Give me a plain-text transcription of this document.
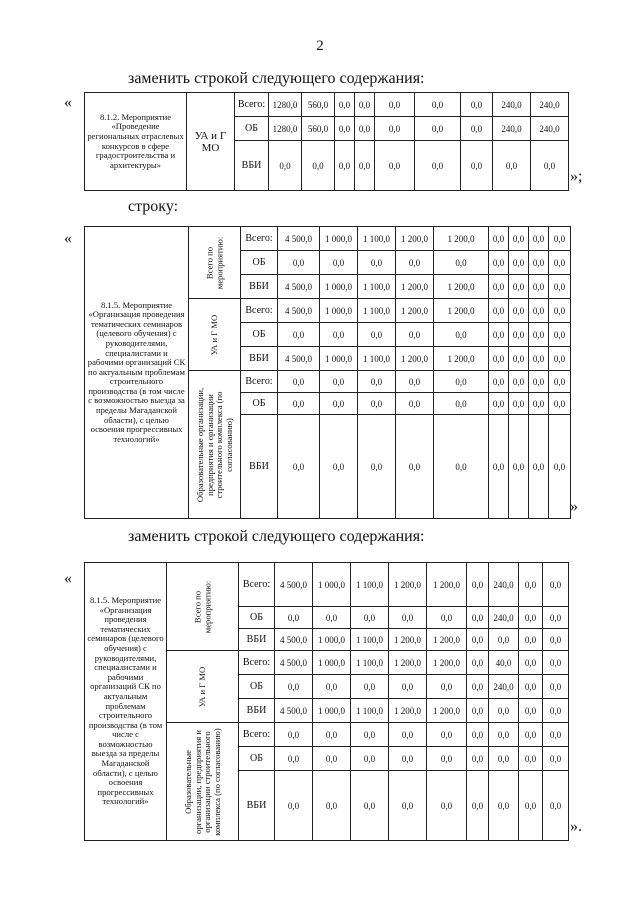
2
заменить строкой следующего содержания:
«
8.1.2. Мероприятие «Проведение региональных отраслевых конкурсов в сфере градостроительства и архитектуры»	УА и Г МО	Всего:	1280,0	560,0	0,0	0,0	0,0	0,0	0,0	240,0	240,0
		ОБ	1280,0	560,0	0,0	0,0	0,0	0,0	0,0	240,0	240,0
		ВБИ	0,0	0,0	0,0	0,0	0,0	0,0	0,0	0,0	0,0
»;
строку:
«
8.1.5. Мероприятие «Организация проведения тематических семинаров (целевого обучения) с руководителями, специалистами и рабочими организаций СК по актуальным проблемам строительного производства (в том числе с возможностью выезда за пределы Магаданской области), с целью освоения прогрессивных технологий»	Всего по мероприятию:	Всего:	4 500,0	1 000,0	1 100,0	1 200,0	1 200,0	0,0	0,0	0,0	0,0
		ОБ	0,0	0,0	0,0	0,0	0,0	0,0	0,0	0,0	0,0
		ВБИ	4 500,0	1 000,0	1 100,0	1 200,0	1 200,0	0,0	0,0	0,0	0,0

	УА и Г МО	Всего:	4 500,0	1 000,0	1 100,0	1 200,0	1 200,0	0,0	0,0	0,0	0,0
		ОБ	0,0	0,0	0,0	0,0	0,0	0,0	0,0	0,0	0,0
		ВБИ	4 500,0	1 000,0	1 100,0	1 200,0	1 200,0	0,0	0,0	0,0	0,0

	Образовательные организации, предприятия и организации строительного комплекса (по согласованию)	Всего:	0,0	0,0	0,0	0,0	0,0	0,0	0,0	0,0	0,0
		ОБ	0,0	0,0	0,0	0,0	0,0	0,0	0,0	0,0	0,0
		ВБИ	0,0	0,0	0,0	0,0	0,0	0,0	0,0	0,0	0,0
»
заменить строкой следующего содержания:
«
8.1.5. Мероприятие «Организация проведения тематических семинаров (целевого обучения) с руководителями, специалистами и рабочими организаций СК по актуальным проблемам строительного производства (в том числе с возможностью выезда за пределы Магаданской области), с целью освоения прогрессивных технологий»	Всего по мероприятию:	Всего:	4 500,0	1 000,0	1 100,0	1 200,0	1 200,0	0,0	240,0	0,0	0,0
		ОБ	0,0	0,0	0,0	0,0	0,0	0,0	240,0	0,0	0,0
		ВБИ	4 500,0	1 000,0	1 100,0	1 200,0	1 200,0	0,0	0,0	0,0	0,0

	УА и Г МО	Всего:	4 500,0	1 000,0	1 100,0	1 200,0	1 200,0	0,0	40,0	0,0	0,0
		ОБ	0,0	0,0	0,0	0,0	0,0	0,0	240,0	0,0	0,0
		ВБИ	4 500,0	1 000,0	1 100,0	1 200,0	1 200,0	0,0	0,0	0,0	0,0

	Образовательные организации, предприятия и организации строительного комплекса (по согласованию)	Всего:	0,0	0,0	0,0	0,0	0,0	0,0	0,0	0,0	0,0
		ОБ	0,0	0,0	0,0	0,0	0,0	0,0	0,0	0,0	0,0
		ВБИ	0,0	0,0	0,0	0,0	0,0	0,0	0,0	0,0	0,0
».
